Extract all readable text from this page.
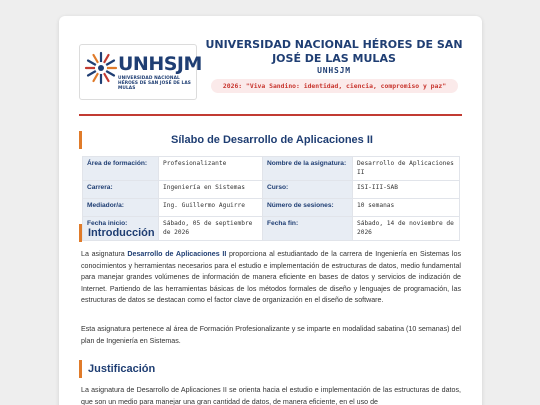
UNHSJM
UNIVERSIDAD NACIONAL HÉROES DE SAN JOSÉ DE LAS MULAS
UNIVERSIDAD NACIONAL HÉROES DE SAN JOSÉ DE LAS MULAS
UNHSJM
2026: "Viva Sandino: identidad, ciencia, compromiso y paz"
Sílabo de Desarrollo de Aplicaciones II
Área de formación:	Profesionalizante	Nombre de la asignatura:	Desarrollo de Aplicaciones II
Carrera:	Ingeniería en Sistemas	Curso:	ISI-III-SAB
Mediador/a:	Ing. Guillermo Aguirre	Número de sesiones:	10 semanas
Fecha inicio:	Sábado, 05 de septiembre de 2026	Fecha fin:	Sábado, 14 de noviembre de 2026
Introducción
La asignatura Desarrollo de Aplicaciones II proporciona al estudiantado de la carrera de Ingeniería en Sistemas los conocimientos y herramientas necesarios para el estudio e implementación de estructuras de datos, medio fundamental para manejar grandes volúmenes de información de manera eficiente en bases de datos y servicios de indización de Internet. Partiendo de las herramientas básicas de los métodos formales de diseño y lenguajes de programación, las estructuras de datos se destacan como el factor clave de organización en el diseño de software.
Esta asignatura pertenece al área de Formación Profesionalizante y se imparte en modalidad sabatina (10 semanas) del plan de Ingeniería en Sistemas.
Justificación
La asignatura de Desarrollo de Aplicaciones II se orienta hacia el estudio e implementación de las estructuras de datos, que son un medio para manejar una gran cantidad de datos, de manera eficiente, en el uso de
